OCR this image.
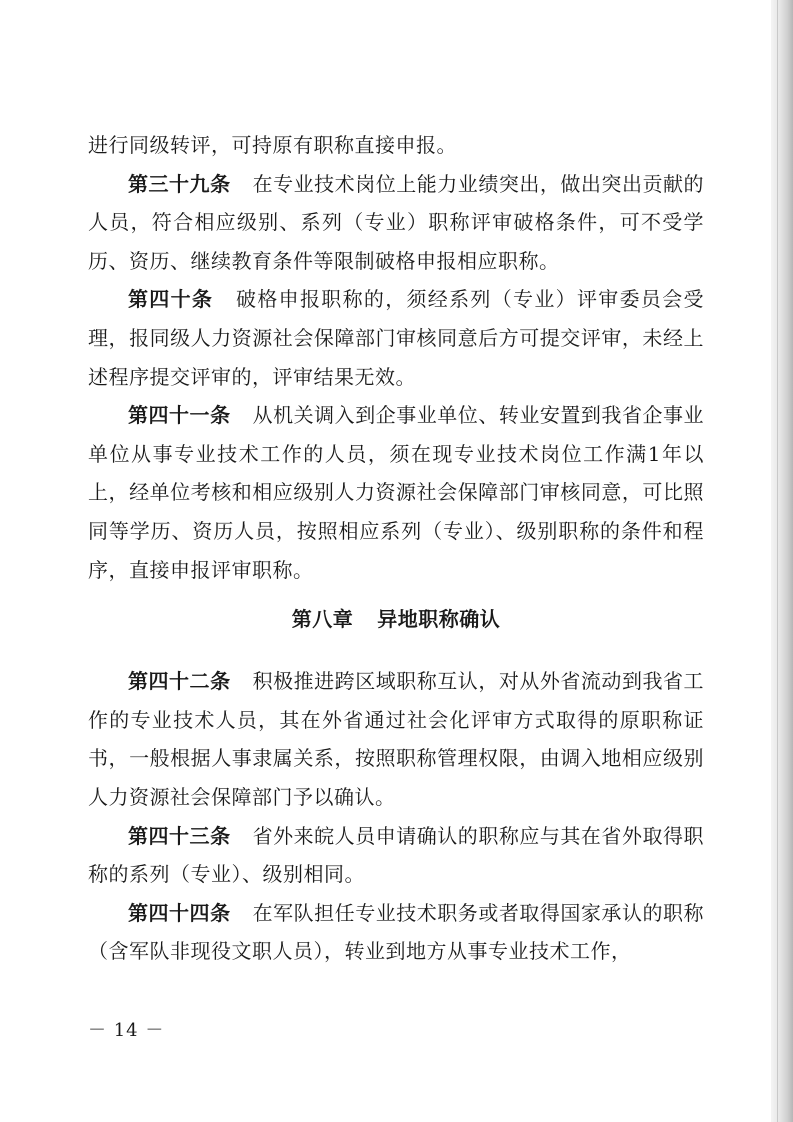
进行同级转评，可持原有职称直接申报。

第三十九条 在专业技术岗位上能力业绩突出，做出突出贡献的人员，符合相应级别、系列（专业）职称评审破格条件，可不受学历、资历、继续教育条件等限制破格申报相应职称。

第四十条 破格申报职称的，须经系列（专业）评审委员会受理，报同级人力资源社会保障部门审核同意后方可提交评审，未经上述程序提交评审的，评审结果无效。

第四十一条 从机关调入到企事业单位、转业安置到我省企事业单位从事专业技术工作的人员，须在现专业技术岗位工作满1年以上，经单位考核和相应级别人力资源社会保障部门审核同意，可比照同等学历、资历人员，按照相应系列（专业）、级别职称的条件和程序，直接申报评审职称。

第八章 异地职称确认

第四十二条 积极推进跨区域职称互认，对从外省流动到我省工作的专业技术人员，其在外省通过社会化评审方式取得的原职称证书，一般根据人事隶属关系，按照职称管理权限，由调入地相应级别人力资源社会保障部门予以确认。

第四十三条 省外来皖人员申请确认的职称应与其在省外取得职称的系列（专业）、级别相同。

第四十四条 在军队担任专业技术职务或者取得国家承认的职称（含军队非现役文职人员），转业到地方从事专业技术工作，

－ 14 －
